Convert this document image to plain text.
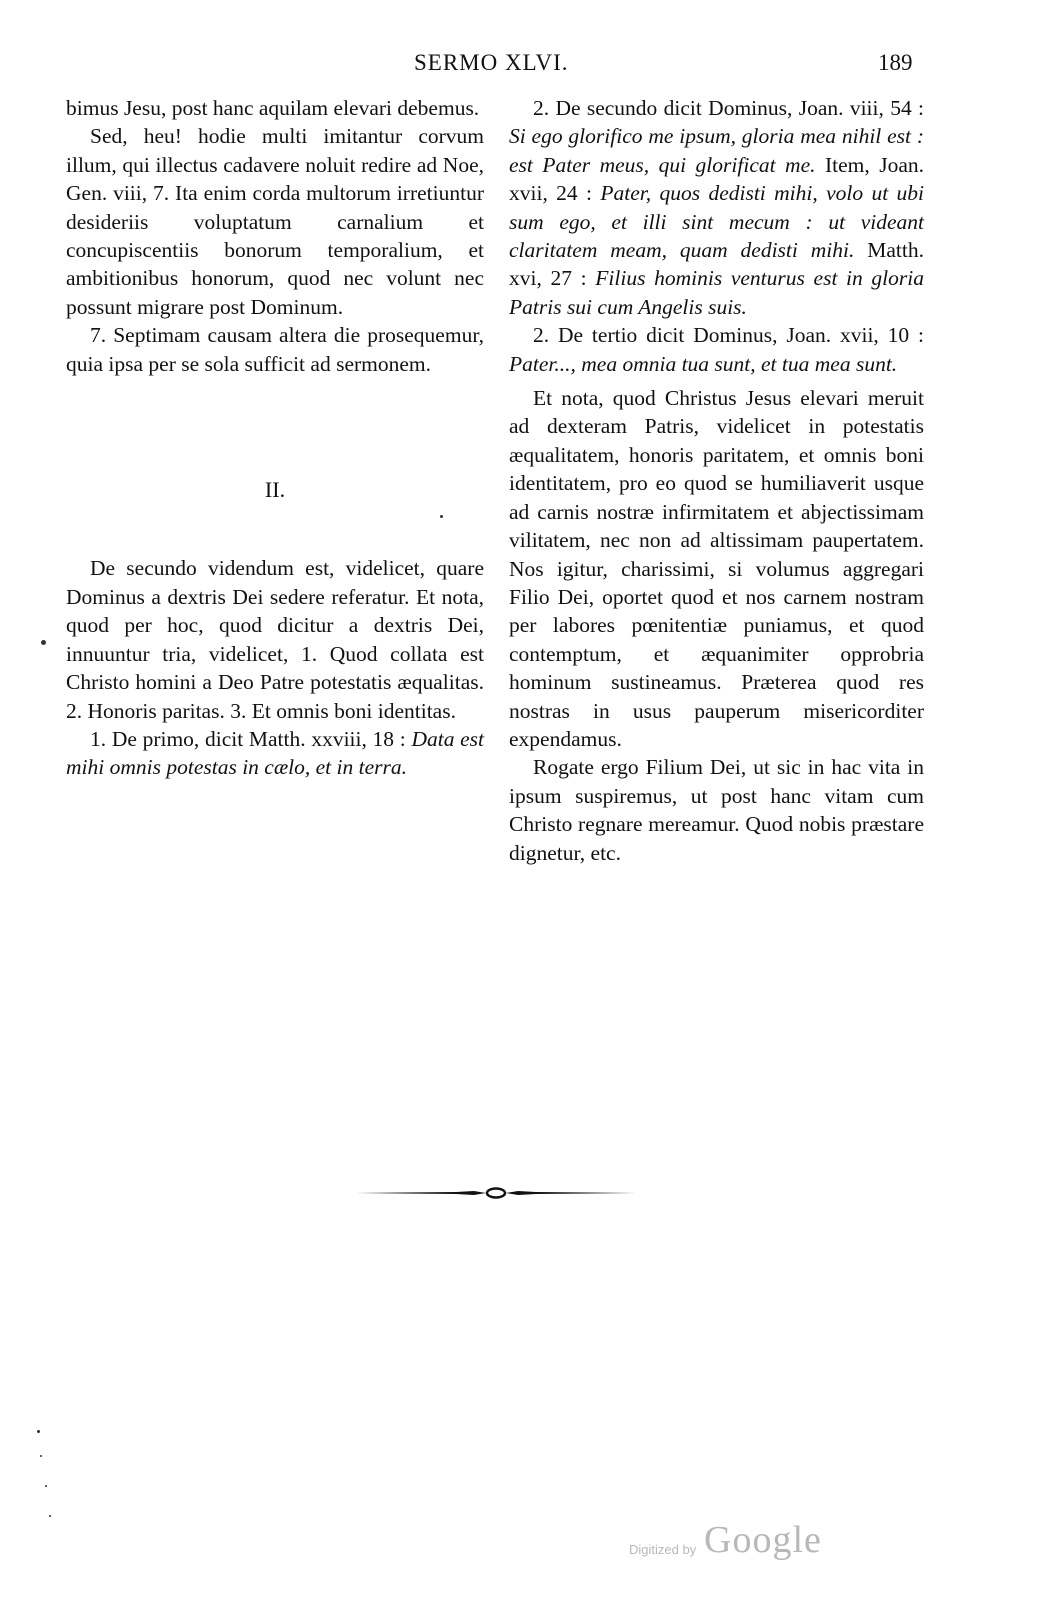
SERMO XLVI.	189

bimus Jesu, post hanc aquilam elevari debemus.

Sed, heu! hodie multi imitantur corvum illum, qui illectus cadavere noluit redire ad Noe, Gen. viii, 7. Ita enim corda multorum irretiuntur desideriis voluptatum carnalium et concupiscentiis bonorum temporalium, et ambitionibus honorum, quod nec volunt nec possunt migrare post Dominum.

7. Septimam causam altera die prosequemur, quia ipsa per se sola sufficit ad sermonem.

II.

De secundo videndum est, videlicet, quare Dominus a dextris Dei sedere referatur. Et nota, quod per hoc, quod dicitur a dextris Dei, innuuntur tria, videlicet, 1. Quod collata est Christo homini a Deo Patre potestatis æqualitas. 2. Honoris paritas. 3. Et omnis boni identitas.

1. De primo, dicit Matth. xxviii, 18 : Data est mihi omnis potestas in cælo, et in terra.

2. De secundo dicit Dominus, Joan. viii, 54 : Si ego glorifico me ipsum, gloria mea nihil est : est Pater meus, qui glorificat me. Item, Joan. xvii, 24 : Pater, quos dedisti mihi, volo ut ubi sum ego, et illi sint mecum : ut videant claritatem meam, quam dedisti mihi. Matth. xvi, 27 : Filius hominis venturus est in gloria Patris sui cum Angelis suis.

2. De tertio dicit Dominus, Joan. xvii, 10 : Pater..., mea omnia tua sunt, et tua mea sunt.

Et nota, quod Christus Jesus elevari meruit ad dexteram Patris, videlicet in potestatis æqualitatem, honoris paritatem, et omnis boni identitatem, pro eo quod se humiliaverit usque ad carnis nostræ infirmitatem et abjectissimam vilitatem, nec non ad altissimam paupertatem. Nos igitur, charissimi, si volumus aggregari Filio Dei, oportet quod et nos carnem nostram per labores pœnitentiæ puniamus, et quod contemptum, et æquanimiter opprobria hominum sustineamus. Præterea quod res nostras in usus pauperum misericorditer expendamus.

Rogate ergo Filium Dei, ut sic in hac vita in ipsum suspiremus, ut post hanc vitam cum Christo regnare mereamur. Quod nobis præstare dignetur, etc.

Digitized by Google
